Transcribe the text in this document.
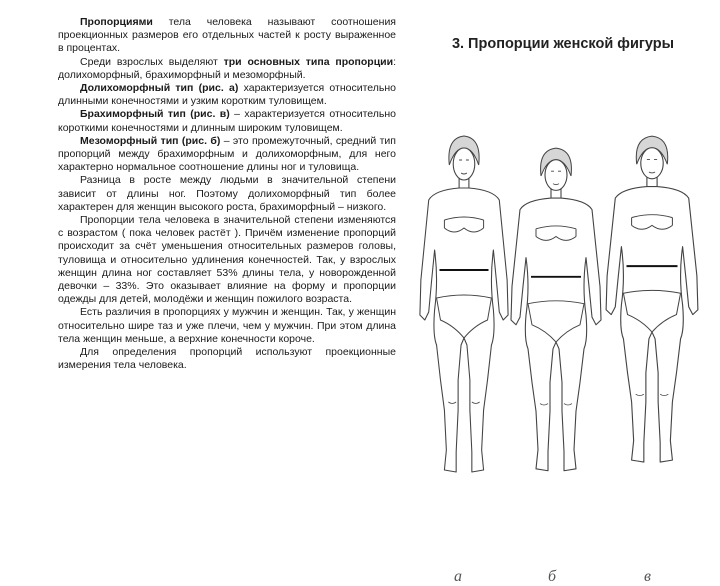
Пропорциями тела человека называют соотношения проекционных размеров его отдельных частей к росту выраженное в процентах.

Среди взрослых выделяют три основных типа пропорции: долихоморфный, брахиморфный и мезоморфный.

Долихоморфный тип (рис. а) характеризуется относительно длинными конечностями и узким коротким туловищем.

Брахиморфный тип (рис. в) – характеризуется относительно короткими конечностями и длинным широким туловищем.

Мезоморфный тип (рис. б) – это промежуточный, средний тип пропорций между брахиморфным и долихоморфным, для него характерно нормальное соотношение длины ног и туловища.

Разница в росте между людьми в значительной степени зависит от длины ног. Поэтому долихоморфный тип более характерен для женщин высокого роста, брахиморфный – низкого.

Пропорции тела человека в значительной степени изменяются с возрастом ( пока человек растёт ). Причём изменение пропорций происходит за счёт уменьшения относительных размеров головы, туловища и относительно удлинения конечностей. Так, у взрослых женщин длина ног составляет 53% длины тела, у новорожденной девочки – 33%. Это оказывает влияние на форму и пропорции одежды для детей, молодёжи и женщин пожилого возраста.

Есть различия в пропорциях у мужчин и женщин. Так, у женщин относительно шире таз и уже плечи, чем у мужчин. При этом длина тела женщин меньше, а верхние конечности короче.

Для определения пропорций используют проекционные измерения тела человека.

3. Пропорции женской фигуры
а	б	в
